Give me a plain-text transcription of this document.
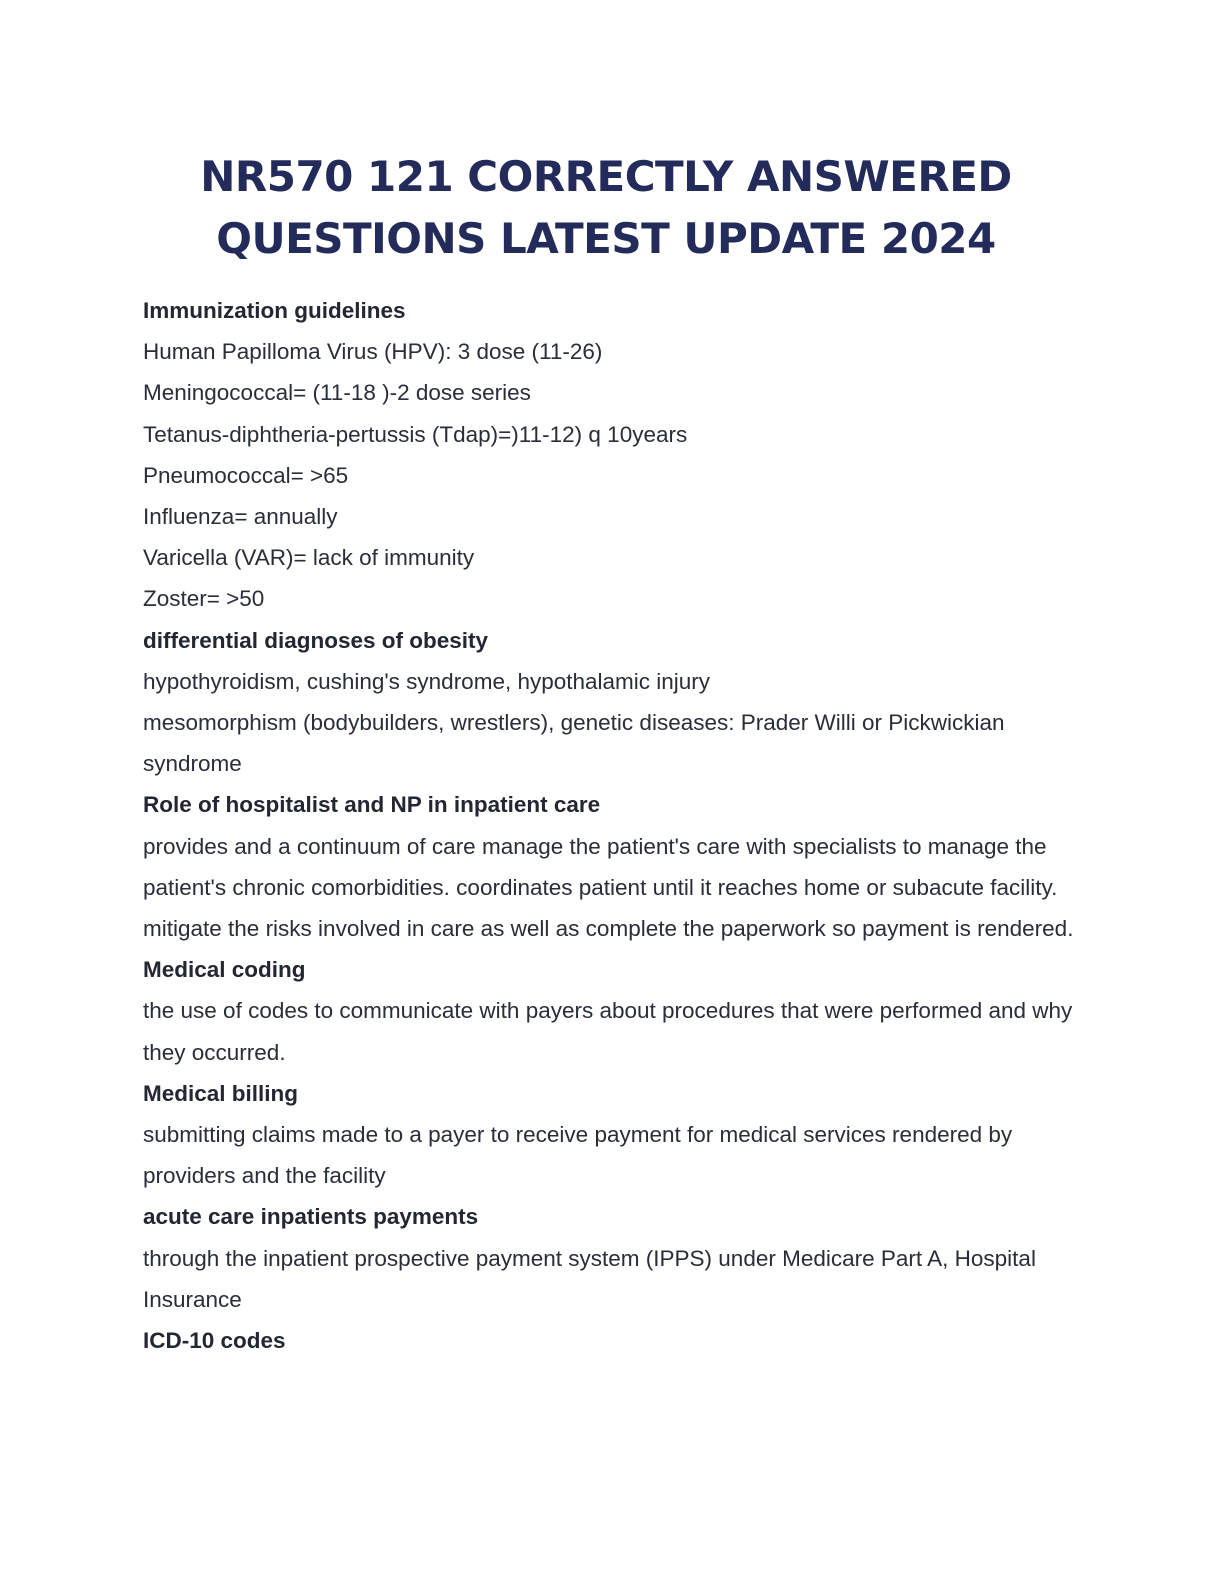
NR570 121 CORRECTLY ANSWERED
QUESTIONS LATEST UPDATE 2024

Immunization guidelines

Human Papilloma Virus (HPV): 3 dose (11-26)

Meningococcal= (11-18 )-2 dose series

Tetanus-diphtheria-pertussis (Tdap)=)11-12) q 10years

Pneumococcal= >65

Influenza= annually

Varicella (VAR)= lack of immunity

Zoster= >50

differential diagnoses of obesity

hypothyroidism, cushing's syndrome, hypothalamic injury

mesomorphism (bodybuilders, wrestlers), genetic diseases: Prader Willi or Pickwickian syndrome

Role of hospitalist and NP in inpatient care

provides and a continuum of care manage the patient's care with specialists to manage the patient's chronic comorbidities. coordinates patient until it reaches home or subacute facility. mitigate the risks involved in care as well as complete the paperwork so payment is rendered.

Medical coding

the use of codes to communicate with payers about procedures that were performed and why they occurred.

Medical billing

submitting claims made to a payer to receive payment for medical services rendered by providers and the facility

acute care inpatients payments

through the inpatient prospective payment system (IPPS) under Medicare Part A, Hospital Insurance

ICD-10 codes
